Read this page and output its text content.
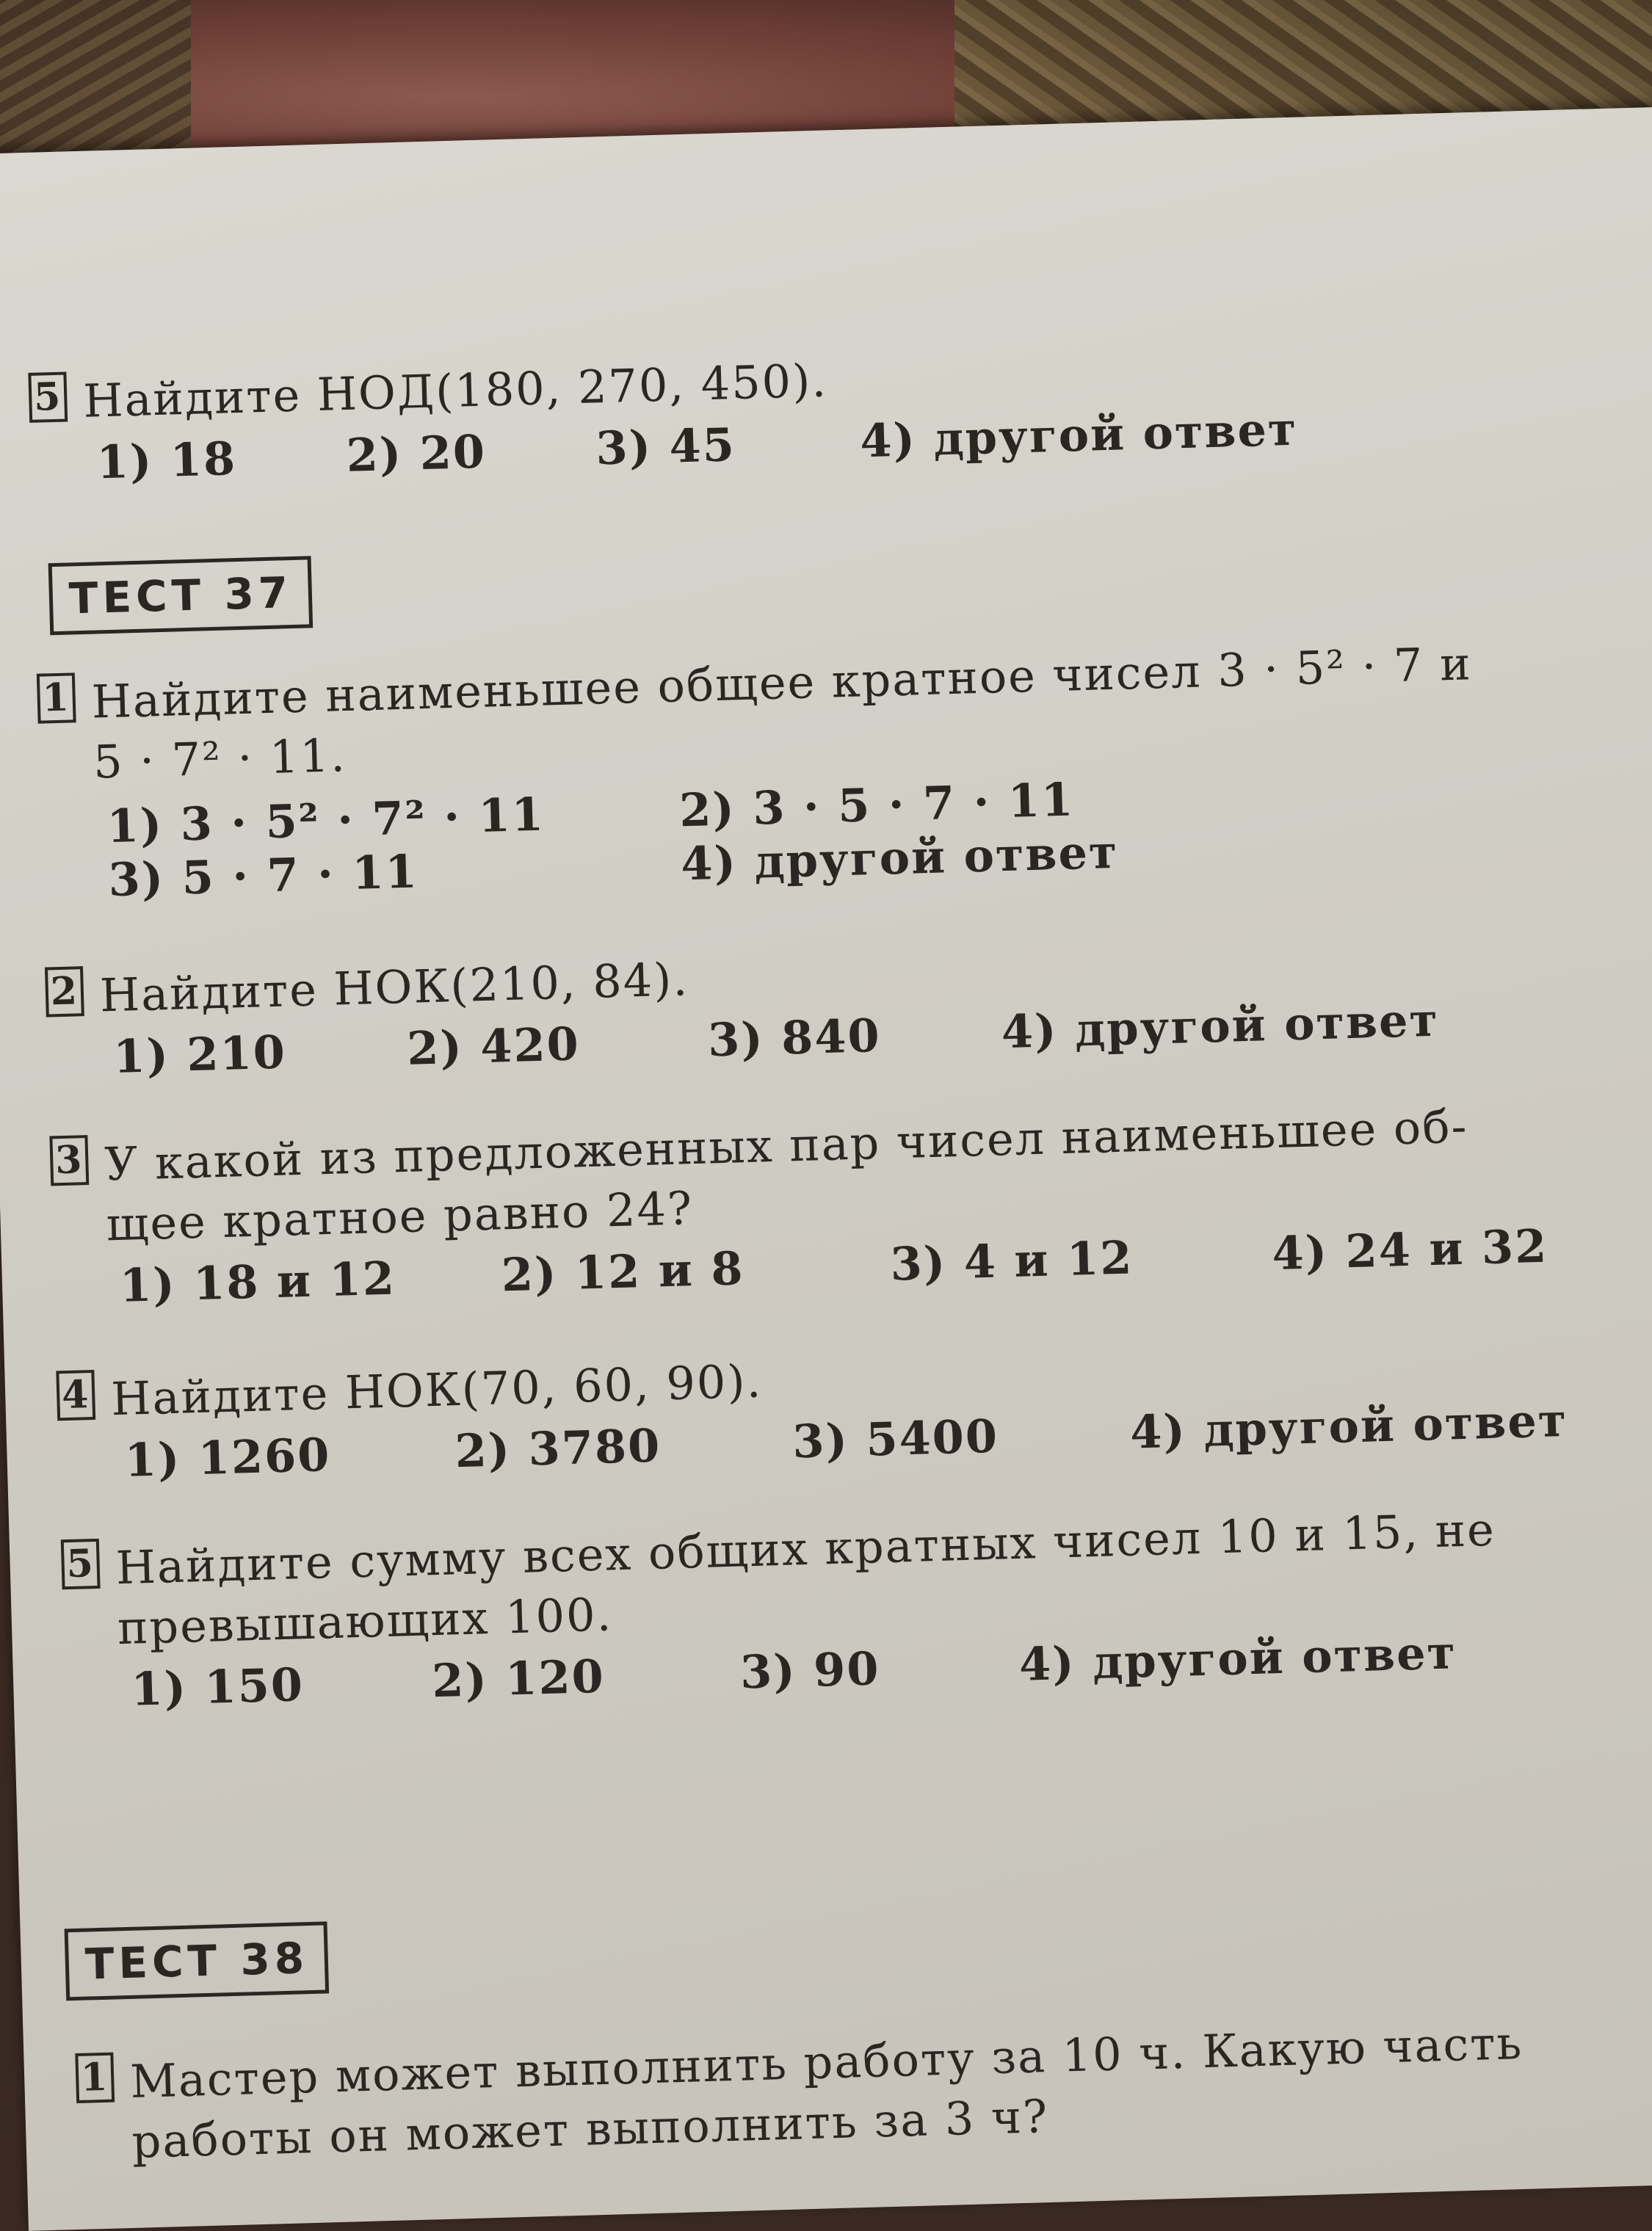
5 Найдите НОД(180, 270, 450).
1) 18	2) 20	3) 45	4) другой ответ
ТЕСТ 37
1 Найдите наименьшее общее кратное чисел 3 · 5² · 7 и
5 · 7² · 11.
1) 3 · 5² · 7² · 11	2) 3 · 5 · 7 · 11
3) 5 · 7 · 11	4) другой ответ
2 Найдите НОК(210, 84).
1) 210	2) 420	3) 840	4) другой ответ
3 У какой из предложенных пар чисел наименьшее об-
щее кратное равно 24?
1) 18 и 12	2) 12 и 8	3) 4 и 12	4) 24 и 32
4 Найдите НОК(70, 60, 90).
1) 1260	2) 3780	3) 5400	4) другой ответ
5 Найдите сумму всех общих кратных чисел 10 и 15, не
превышающих 100.
1) 150	2) 120	3) 90	4) другой ответ
ТЕСТ 38
1 Мастер может выполнить работу за 10 ч. Какую часть
работы он может выполнить за 3 ч?
